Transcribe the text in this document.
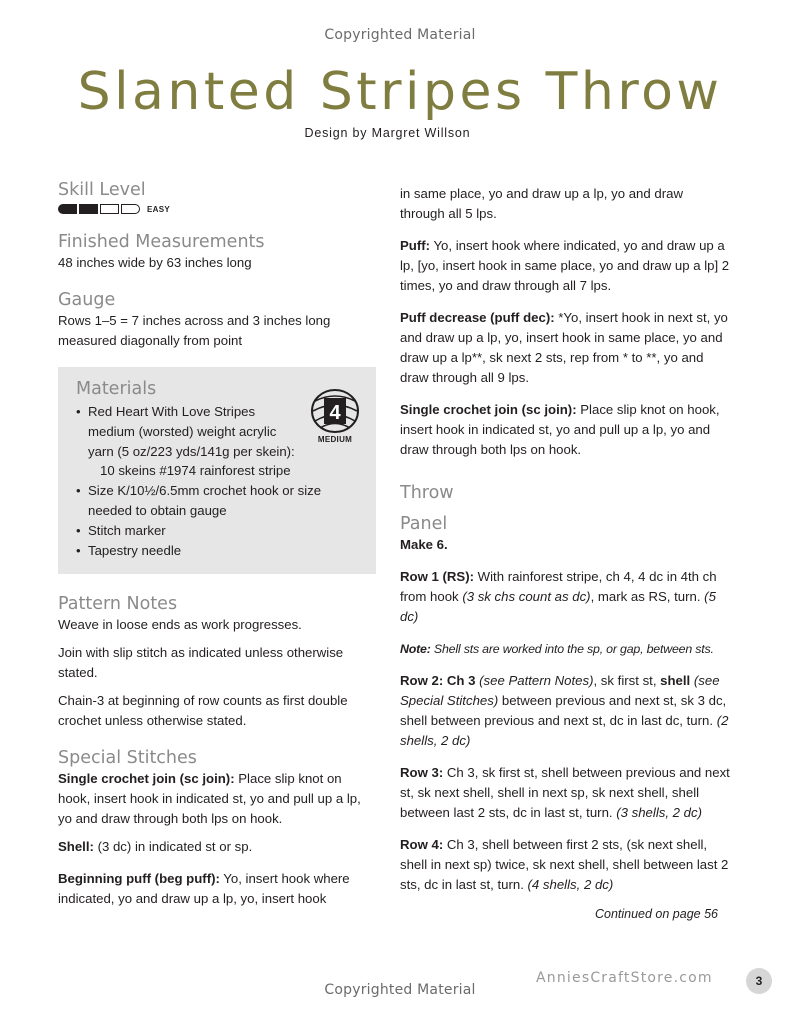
Copyrighted Material
Slanted Stripes Throw
Design by Margret Willson
Skill Level
EASY
Finished Measurements

48 inches wide by 63 inches long

Gauge

Rows 1–5 = 7 inches across and 3 inches long measured diagonally from point

Materials
4
MEDIUM
• Red Heart With Love Stripes
medium (worsted) weight acrylic
yarn (5 oz/223 yds/141g per skein):
10 skeins #1974 rainforest stripe
• Size K/10½/6.5mm crochet hook or size needed to obtain gauge
• Stitch marker
• Tapestry needle
Pattern Notes

Weave in loose ends as work progresses.

Join with slip stitch as indicated unless otherwise stated.

Chain-3 at beginning of row counts as first double crochet unless otherwise stated.

Special Stitches

Single crochet join (sc join): Place slip knot on hook, insert hook in indicated st, yo and pull up a lp, yo and draw through both lps on hook.

Shell: (3 dc) in indicated st or sp.

Beginning puff (beg puff): Yo, insert hook where indicated, yo and draw up a lp, yo, insert hook

in same place, yo and draw up a lp, yo and draw through all 5 lps.

Puff: Yo, insert hook where indicated, yo and draw up a lp, [yo, insert hook in same place, yo and draw up a lp] 2 times, yo and draw through all 7 lps.

Puff decrease (puff dec): *Yo, insert hook in next st, yo and draw up a lp, yo, insert hook in same place, yo and draw up a lp**, sk next 2 sts, rep from * to **, yo and draw through all 9 lps.

Single crochet join (sc join): Place slip knot on hook, insert hook in indicated st, yo and pull up a lp, yo and draw through both lps on hook.

Throw
Panel

Make 6.

Row 1 (RS): With rainforest stripe, ch 4, 4 dc in 4th ch from hook (3 sk chs count as dc), mark as RS, turn. (5 dc)

Note: Shell sts are worked into the sp, or gap, between sts.

Row 2: Ch 3 (see Pattern Notes), sk first st, shell (see Special Stitches) between previous and next st, sk 3 dc, shell between previous and next st, dc in last dc, turn. (2 shells, 2 dc)

Row 3: Ch 3, sk first st, shell between previous and next st, sk next shell, shell in next sp, sk next shell, shell between last 2 sts, dc in last st, turn. (3 shells, 2 dc)

Row 4: Ch 3, shell between first 2 sts, (sk next shell, shell in next sp) twice, sk next shell, shell between last 2 sts, dc in last st, turn. (4 shells, 2 dc)

Continued on page 56

AnniesCraftStore.com	3
Copyrighted Material
